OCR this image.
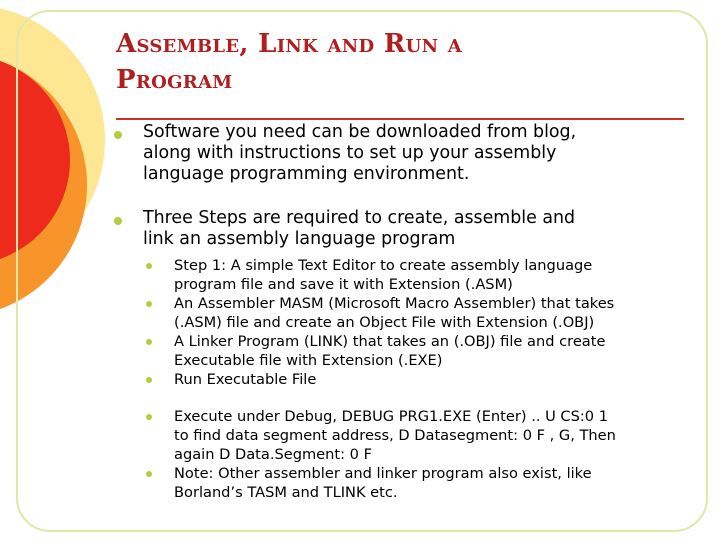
Assemble, Link and Run a
Program
Software you need can be downloaded from blog,
along with instructions to set up your assembly
language programming environment.
Three Steps are required to create, assemble and
link an assembly language program
Step 1: A simple Text Editor to create assembly language
program file and save it with Extension (.ASM)
An Assembler MASM (Microsoft Macro Assembler) that takes
(.ASM) file and create an Object File with Extension (.OBJ)
A Linker Program (LINK) that takes an (.OBJ) file and create
Executable file with Extension (.EXE)
Run Executable File
Execute under Debug, DEBUG PRG1.EXE (Enter) .. U CS:0 1
to find data segment address, D Datasegment: 0 F , G, Then
again D Data.Segment: 0 F
Note: Other assembler and linker program also exist, like
Borland’s TASM and TLINK etc.
